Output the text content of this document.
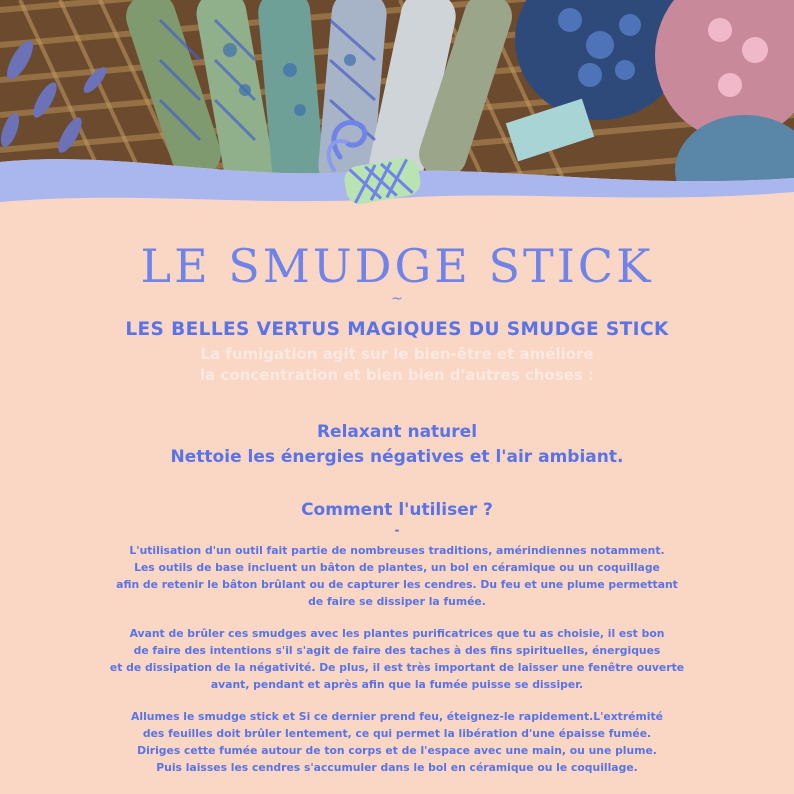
LE SMUDGE STICK
~
LES BELLES VERTUS MAGIQUES DU SMUDGE STICK
La fumigation agit sur le bien-être et améliore
la concentration et bien bien d'autres choses :
Relaxant naturel
Nettoie les énergies négatives et l'air ambiant.
Comment l'utiliser ?
-
L'utilisation d'un outil fait partie de nombreuses traditions, amérindiennes notamment.
Les outils de base incluent un bâton de plantes, un bol en céramique ou un coquillage
afin de retenir le bâton brûlant ou de capturer les cendres. Du feu et une plume permettant
de faire se dissiper la fumée.
Avant de brûler ces smudges avec les plantes purificatrices que tu as choisie, il est bon
de faire des intentions s'il s'agit de faire des taches à des fins spirituelles, énergiques
et de dissipation de la négativité. De plus, il est très important de laisser une fenêtre ouverte
avant, pendant et après afin que la fumée puisse se dissiper.
Allumes le smudge stick et Si ce dernier prend feu, éteignez-le rapidement.L'extrémité
des feuilles doit brûler lentement, ce qui permet la libération d'une épaisse fumée.
Diriges cette fumée autour de ton corps et de l'espace avec une main, ou une plume.
Puis laisses les cendres s'accumuler dans le bol en céramique ou le coquillage.
